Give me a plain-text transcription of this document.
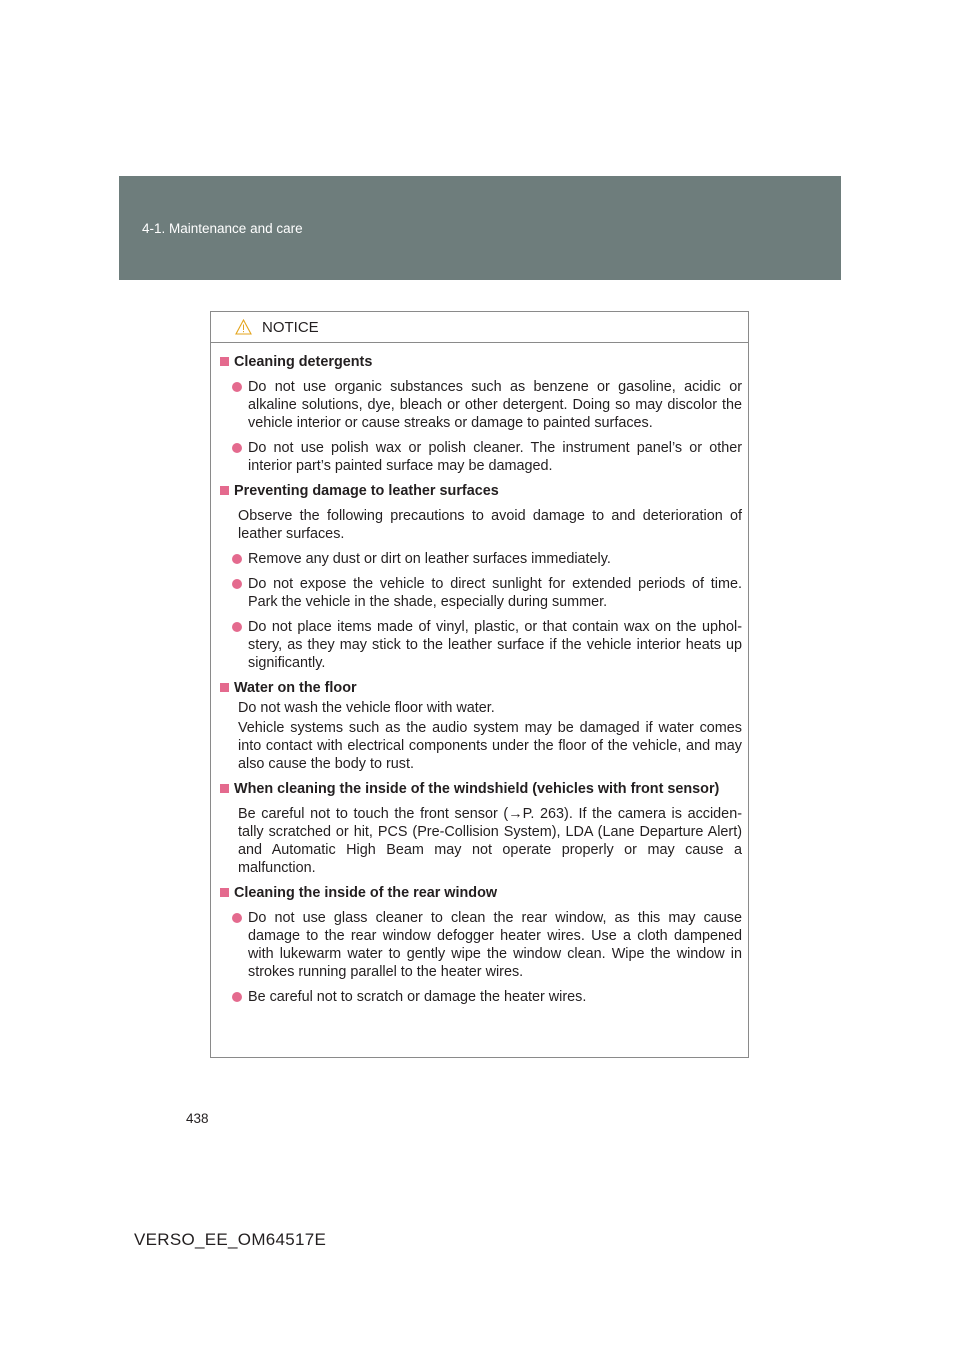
4-1. Maintenance and care
NOTICE
Cleaning detergents
Do not use organic substances such as benzene or gasoline, acidic or alkaline solutions, dye, bleach or other detergent. Doing so may discolor the vehicle interior or cause streaks or damage to painted surfaces.
Do not use polish wax or polish cleaner. The instrument panel’s or other interior part’s painted surface may be damaged.
Preventing damage to leather surfaces
Observe the following precautions to avoid damage to and deterioration of leather surfaces.
Remove any dust or dirt on leather surfaces immediately.
Do not expose the vehicle to direct sunlight for extended periods of time. Park the vehicle in the shade, especially during summer.
Do not place items made of vinyl, plastic, or that contain wax on the uphol-stery, as they may stick to the leather surface if the vehicle interior heats up significantly.
Water on the floor
Do not wash the vehicle floor with water.
Vehicle systems such as the audio system may be damaged if water comes into contact with electrical components under the floor of the vehicle, and may also cause the body to rust.
When cleaning the inside of the windshield (vehicles with front sensor)
Be careful not to touch the front sensor (→P. 263). If the camera is acciden-tally scratched or hit, PCS (Pre-Collision System), LDA (Lane Departure Alert) and Automatic High Beam may not operate properly or may cause a malfunction.
Cleaning the inside of the rear window
Do not use glass cleaner to clean the rear window, as this may cause damage to the rear window defogger heater wires. Use a cloth dampened with lukewarm water to gently wipe the window clean. Wipe the window in strokes running parallel to the heater wires.
Be careful not to scratch or damage the heater wires.
438
VERSO_EE_OM64517E
